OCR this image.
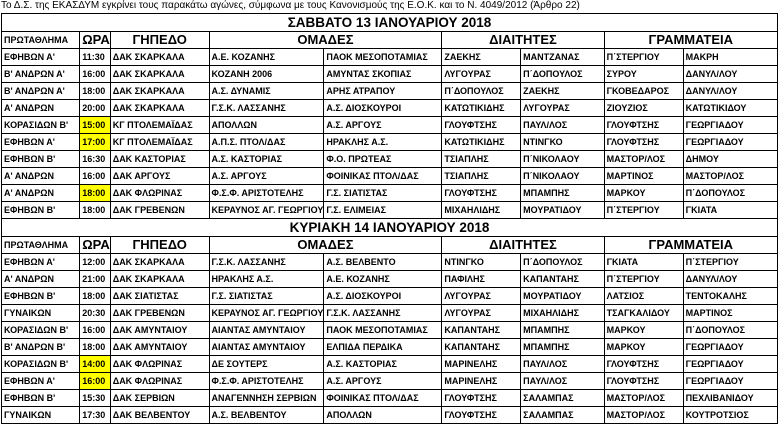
Το Δ.Σ. της ΕΚΑΣΔΥΜ εγκρίνει τους παρακάτω αγώνες, σύμφωνα με τους Κανονισμούς της Ε.Ο.Κ. και το Ν. 4049/2012 (Άρθρο 22)
ΣΑΒΒΑΤΟ 13 ΙΑΝΟΥΑΡΙΟΥ 2018								
ΠΡΩΤΑΘΛΗΜΑ	ΩΡΑ	ΓΗΠΕΔΟ	ΟΜΑΔΕΣ		ΔΙΑΙΤΗΤΕΣ		ΓΡΑΜΜΑΤΕΙΑ	
ΕΦΗΒΩΝ Α'	11:30	ΔΑΚ ΣΚΑΡΚΑΛΑ	Α.Ε. ΚΟΖΑΝΗΣ	ΠΑΟΚ ΜΕΣΟΠΟΤΑΜΙΑΣ	ΖΑΕΚΗΣ	ΜΑΝΤΖΑΝΑΣ	Π΄ΣΤΕΡΓΙΟΥ	ΜΑΚΡΗ
Β' ΑΝΔΡΩΝ Α'	16:00	ΔΑΚ ΣΚΑΡΚΑΛΑ	ΚΟΖΑΝΗ 2006	ΑΜΥΝΤΑΣ ΣΚΟΠΙΑΣ	ΛΥΓΟΥΡΑΣ	Π΄ΔΟΠΟΥΛΟΣ	ΣΥΡΟΥ	ΔΑΝΥΛ/ΛΟΥ
Β' ΑΝΔΡΩΝ Α'	18:00	ΔΑΚ ΣΚΑΡΚΑΛΑ	Α.Σ. ΔΥΝΑΜΙΣ	ΑΡΗΣ ΑΤΡΑΠΟΥ	Π΄ΔΟΠΟΥΛΟΣ	ΖΑΕΚΗΣ	ΓΚΟΒΕΔΑΡΟΣ	ΔΑΝΥΛ/ΛΟΥ
Α' ΑΝΔΡΩΝ	20:00	ΔΑΚ ΣΚΑΡΚΑΛΑ	Γ.Σ.Κ. ΛΑΣΣΑΝΗΣ	Α.Σ. ΔΙΟΣΚΟΥΡΟΙ	ΚΑΤΩΤΙΚΙΔΗΣ	ΛΥΓΟΥΡΑΣ	ΖΙΟΥΖΙΟΣ	ΚΑΤΩΤΙΚΙΔΟΥ
ΚΟΡΑΣΙΔΩΝ Β'	15:00	ΚΓ ΠΤΟΛΕΜΑΪΔΑΣ	ΑΠΟΛΛΩΝ	Α.Σ. ΑΡΓΟΥΣ	ΓΛΟΥΦΤΣΗΣ	ΠΑΥΛ/ΛΟΣ	ΓΛΟΥΦΤΣΗΣ	ΓΕΩΡΓΙΑΔΟΥ
ΕΦΗΒΩΝ Α'	17:00	ΚΓ ΠΤΟΛΕΜΑΪΔΑΣ	Α.Π.Σ. ΠΤΟΛ/ΔΑΣ	ΗΡΑΚΛΗΣ Α.Σ.	ΚΑΤΩΤΙΚΙΔΗΣ	ΝΤΙΝΓΚΟ	ΓΛΟΥΦΤΣΗΣ	ΓΕΩΡΓΙΑΔΟΥ
ΕΦΗΒΩΝ Β'	16:30	ΔΑΚ ΚΑΣΤΟΡΙΑΣ	Α.Σ. ΚΑΣΤΟΡΙΑΣ	Φ.Ο. ΠΡΩΤΕΑΣ	ΤΣΙΑΠΛΗΣ	Π΄ΝΙΚΟΛΑΟΥ	ΜΑΣΤΟΡ/ΛΟΣ	ΔΗΜΟΥ
Α' ΑΝΔΡΩΝ	16:00	ΔΑΚ ΑΡΓΟΥΣ	Α.Σ. ΑΡΓΟΥΣ	ΦΟΙΝΙΚΑΣ ΠΤΟΛ/ΔΑΣ	ΤΣΙΑΠΛΗΣ	Π΄ΝΙΚΟΛΑΟΥ	ΜΑΡΤΙΝΟΣ	ΜΑΣΤΟΡ/ΛΟΣ
Α' ΑΝΔΡΩΝ	18:00	ΔΑΚ ΦΛΩΡΙΝΑΣ	Φ.Σ.Φ. ΑΡΙΣΤΟΤΕΛΗΣ	Γ.Σ. ΣΙΑΤΙΣΤΑΣ	ΓΛΟΥΦΤΣΗΣ	ΜΠΑΜΠΗΣ	ΜΑΡΚΟΥ	Π΄ΔΟΠΟΥΛΟΣ
ΕΦΗΒΩΝ Β'	18:00	ΔΑΚ ΓΡΕΒΕΝΩΝ	ΚΕΡΑΥΝΟΣ ΑΓ. ΓΕΩΡΓΙΟΥ	Γ.Σ. ΕΛΙΜΕΙΑΣ	ΜΙΧΑΗΛΙΔΗΣ	ΜΟΥΡΑΤΙΔΟΥ	Π΄ΣΤΕΡΓΙΟΥ	ΓΚΙΑΤΑ
ΚΥΡΙΑΚΗ 14 ΙΑΝΟΥΑΡΙΟΥ 2018								
ΠΡΩΤΑΘΛΗΜΑ	ΩΡΑ	ΓΗΠΕΔΟ	ΟΜΑΔΕΣ		ΔΙΑΙΤΗΤΕΣ		ΓΡΑΜΜΑΤΕΙΑ	
ΕΦΗΒΩΝ Α'	12:00	ΔΑΚ ΣΚΑΡΚΑΛΑ	Γ.Σ.Κ. ΛΑΣΣΑΝΗΣ	Α.Σ. ΒΕΛΒΕΝΤΟ	ΝΤΙΝΓΚΟ	Π΄ΔΟΠΟΥΛΟΣ	ΓΚΙΑΤΑ	Π΄ΣΤΕΡΓΙΟΥ
Α' ΑΝΔΡΩΝ	21:00	ΔΑΚ ΣΚΑΡΚΑΛΑ	ΗΡΑΚΛΗΣ Α.Σ.	Α.Ε. ΚΟΖΑΝΗΣ	ΠΑΦΙΛΗΣ	ΚΑΠΑΝΤΑΗΣ	Π΄ΣΤΕΡΓΙΟΥ	ΔΑΝΥΛ/ΛΟΥ
ΕΦΗΒΩΝ Β'	18:00	ΔΑΚ ΣΙΑΤΙΣΤΑΣ	Γ.Σ. ΣΙΑΤΙΣΤΑΣ	Α.Σ. ΔΙΟΣΚΟΥΡΟΙ	ΛΥΓΟΥΡΑΣ	ΜΟΥΡΑΤΙΔΟΥ	ΛΑΤΣΙΟΣ	ΤΕΝΤΟΚΑΛΗΣ
ΓΥΝΑΙΚΩΝ	20:30	ΔΑΚ ΓΡΕΒΕΝΩΝ	ΚΕΡΑΥΝΟΣ ΑΓ. ΓΕΩΡΓΙΟΥ	Γ.Σ.Κ. ΛΑΣΣΑΝΗΣ	ΛΥΓΟΥΡΑΣ	ΜΙΧΑΗΛΙΔΗΣ	ΤΣΑΓΚΑΛΙΔΟΥ	ΜΑΡΤΙΝΟΣ
ΚΟΡΑΣΙΔΩΝ Β'	16:00	ΔΑΚ ΑΜΥΝΤΑΙΟΥ	ΑΙΑΝΤΑΣ ΑΜΥΝΤΑΙΟΥ	ΠΑΟΚ ΜΕΣΟΠΟΤΑΜΙΑΣ	ΚΑΠΑΝΤΑΗΣ	ΜΠΑΜΠΗΣ	ΜΑΡΚΟΥ	Π΄ΔΟΠΟΥΛΟΣ
Β' ΑΝΔΡΩΝ Β'	18:00	ΔΑΚ ΑΜΥΝΤΑΙΟΥ	ΑΙΑΝΤΑΣ ΑΜΥΝΤΑΙΟΥ	ΕΛΠΙΔΑ ΠΕΡΔΙΚΑ	ΚΑΠΑΝΤΑΗΣ	ΜΠΑΜΠΗΣ	ΜΑΡΚΟΥ	ΓΕΩΡΓΙΑΔΟΥ
ΚΟΡΑΣΙΔΩΝ Β'	14:00	ΔΑΚ ΦΛΩΡΙΝΑΣ	ΔΕ ΣΟΥΤΕΡΣ	Α.Σ. ΚΑΣΤΟΡΙΑΣ	ΜΑΡΙΝΕΛΗΣ	ΠΑΥΛ/ΛΟΣ	ΓΛΟΥΦΤΣΗΣ	ΓΕΩΡΓΙΑΔΟΥ
ΕΦΗΒΩΝ Α'	16:00	ΔΑΚ ΦΛΩΡΙΝΑΣ	Φ.Σ.Φ. ΑΡΙΣΤΟΤΕΛΗΣ	Α.Σ. ΑΡΓΟΥΣ	ΜΑΡΙΝΕΛΗΣ	ΠΑΥΛ/ΛΟΣ	ΓΛΟΥΦΤΣΗΣ	ΓΕΩΡΓΙΑΔΟΥ
ΕΦΗΒΩΝ Β'	15:30	ΔΑΚ ΣΕΡΒΙΩΝ	ΑΝΑΓΕΝΝΗΣΗ ΣΕΡΒΙΩΝ	ΦΟΙΝΙΚΑΣ ΠΤΟΛ/ΔΑΣ	ΓΛΟΥΦΤΣΗΣ	ΣΑΛΑΜΠΑΣ	ΜΑΣΤΟΡ/ΛΟΣ	ΠΕΧΛΙΒΑΝΙΔΟΥ
ΓΥΝΑΙΚΩΝ	17:30	ΔΑΚ ΒΕΛΒΕΝΤΟΥ	Α.Σ. ΒΕΛΒΕΝΤΟΥ	ΑΠΟΛΛΩΝ	ΓΛΟΥΦΤΣΗΣ	ΣΑΛΑΜΠΑΣ	ΜΑΣΤΟΡ/ΛΟΣ	ΚΟΥΤΡΟΤΣΙΟΣ
